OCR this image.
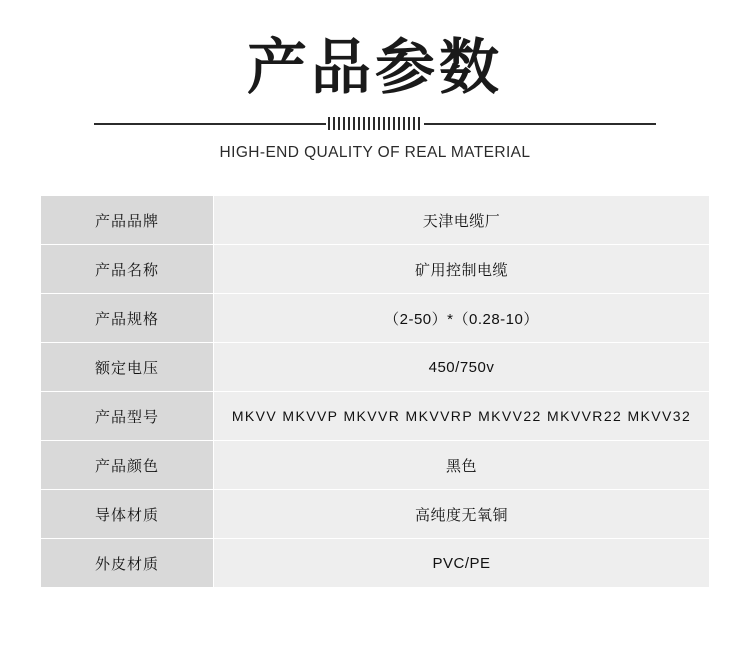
产品参数
HIGH-END QUALITY OF REAL MATERIAL
产品品牌	天津电缆厂
产品名称	矿用控制电缆
产品规格	（2-50）*（0.28-10）
额定电压	450/750v
产品型号	MKVV MKVVP MKVVR MKVVRP MKVV22 MKVVR22 MKVV32
产品颜色	黑色
导体材质	高纯度无氧铜
外皮材质	PVC/PE
